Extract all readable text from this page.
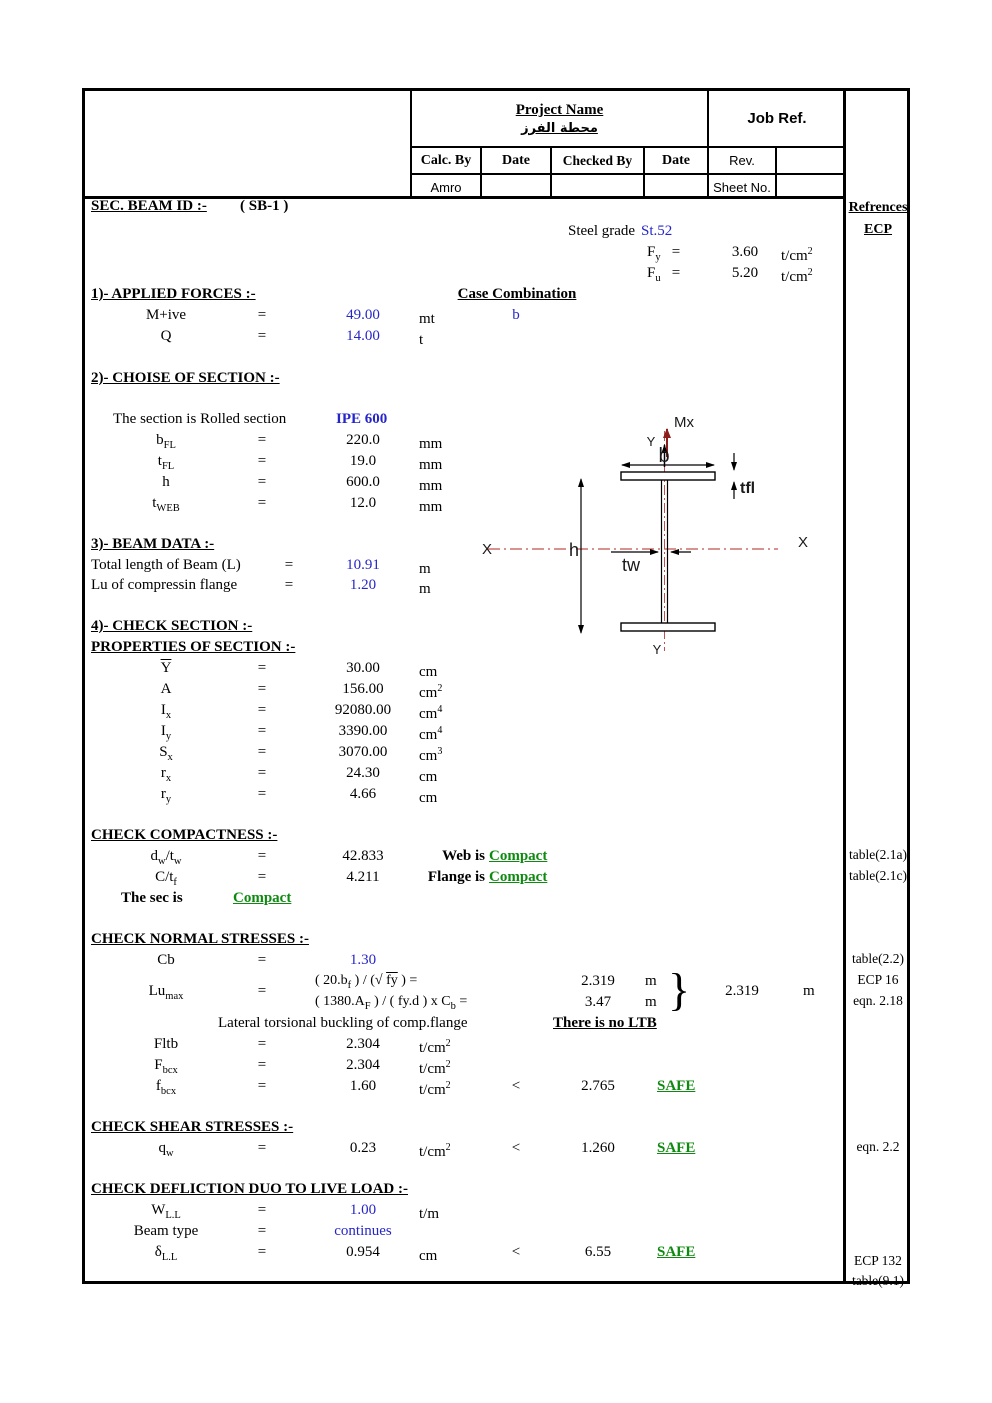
Project Name
محطة الفرز
Job Ref.
Calc. By Date Checked By Date	Rev.
Amro	Sheet No.
Refrences
ECP
table(2.1a)
table(2.1c)
table(2.2)
ECP 16
eqn. 2.18
eqn. 2.2
ECP 132
table(9.1)
SEC. BEAM ID :- ( SB-1 )
Steel grade St.52
$F_y$ =	3.60	$t/cm^2$
$F_u$ =	5.20	$t/cm^2$
1)- APPLIED FORCES :-	Case Combination
M+ive	=	49.00	mt	b
Q	=	14.00	t
2)- CHOISE OF SECTION :-
The section is Rolled section	IPE 600
$b_{FL}$	=	220.0	mm
$t_{FL}$	=	19.0	mm
h	=	600.0	mm
$t_{WEB}$	=	12.0	mm
3)- BEAM DATA :-
Total length of Beam (L)	=	10.91	m
Lu of compressin flange	=	1.20	m
4)- CHECK SECTION :-
PROPERTIES OF SECTION :-
$\overline{Y}$	=	30.00	cm
A	=	156.00	$cm^2$
$I_x$	=	92080.00	$cm^4$
$I_y$	=	3390.00	$cm^4$
$S_x$	=	3070.00	$cm^3$
$r_x$	=	24.30	cm
$r_y$	=	4.66	cm
CHECK COMPACTNESS :-
$d_w/t_w$	=	42.833	Web is Compact
$C/t_f$	=	4.211	Flange is Compact
The sec is	Compact
CHECK NORMAL STRESSES :-
Cb	=	1.30
$Lu_{max}$	=
( $20.b_f$ ) / (√ fy ) =	2.319	m
( $1380.A_F$ ) / ( fy.d ) x $C_b$ =	3.47	m }	2.319	m
Lateral torsional buckling of comp.flange	There is no LTB
Fltb	=	2.304	$t/cm^2$
$F_{bcx}$	=	2.304	$t/cm^2$
$f_{bcx}$	=	1.60	$t/cm^2$	<	2.765	SAFE
CHECK SHEAR STRESSES :-
$q_w$	=	0.23	$t/cm^2$	<	1.260	SAFE
CHECK DEFLICTION DUO TO LIVE LOAD :-
$W_{L.L}$	=	1.00	t/m
Beam type	=	continues
$\delta_{L.L}$	=	0.954	cm	<	6.55	SAFE
Mx
Y
b
tfl
h
tw
X	X
Y
